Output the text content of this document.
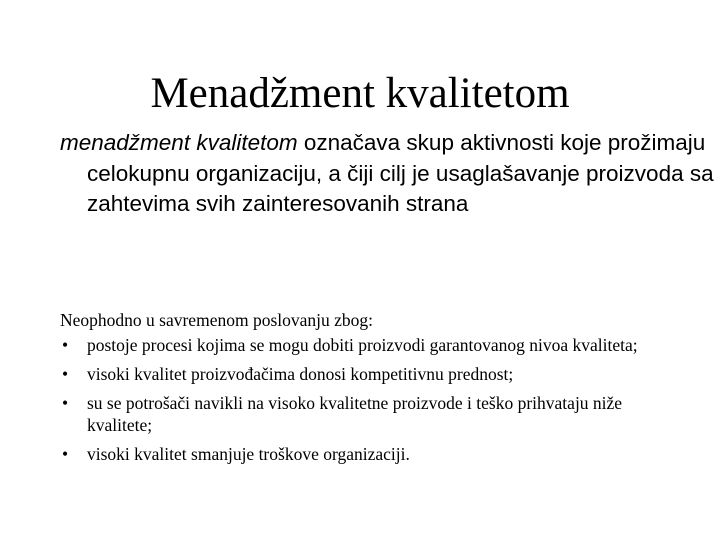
Menadžment kvalitetom

menadžment kvalitetom označava skup aktivnosti koje prožimaju celokupnu organizaciju, a čiji cilj je usaglašavanje proizvoda sa zahtevima svih zainteresovanih strana

Neophodno u savremenom poslovanju zbog:

• postoje procesi kojima se mogu dobiti proizvodi garantovanog nivoa kvaliteta;
• visoki kvalitet proizvođačima donosi kompetitivnu prednost;
• su se potrošači navikli na visoko kvalitetne proizvode i teško prihvataju niže kvalitete;
• visoki kvalitet smanjuje troškove organizaciji.
